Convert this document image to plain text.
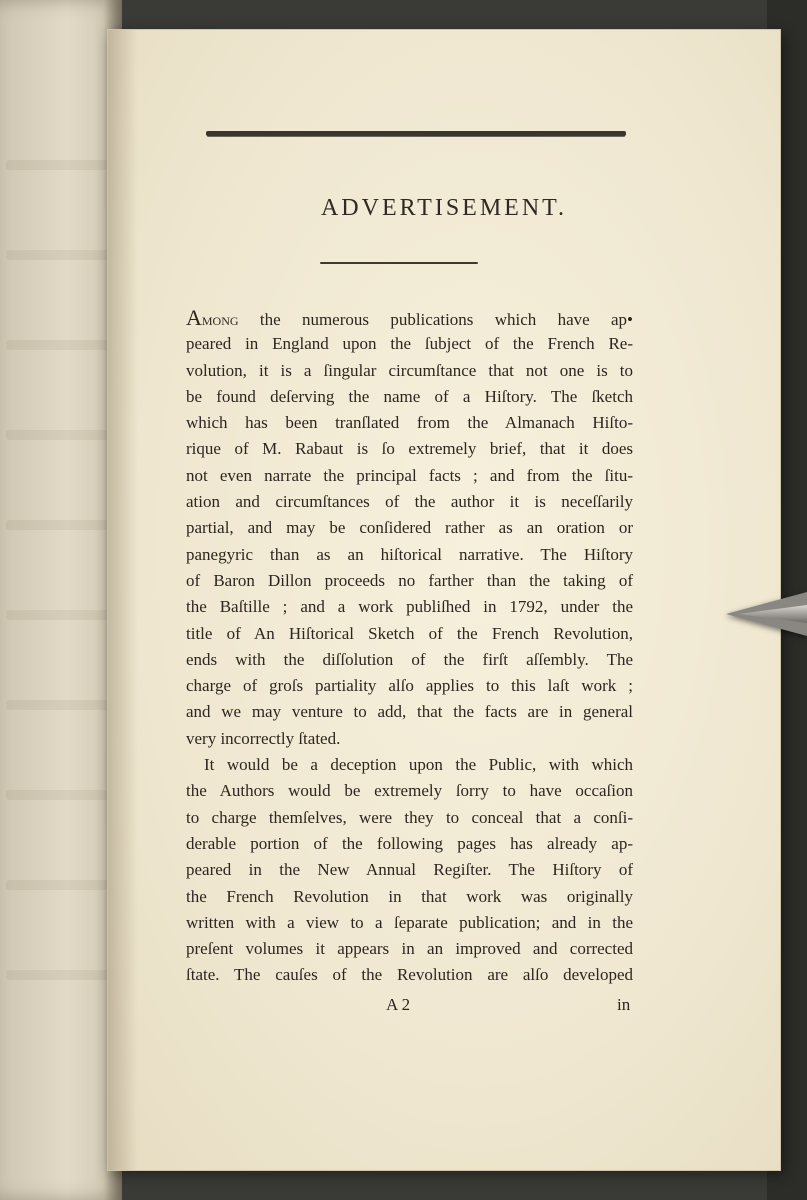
ADVERTISEMENT.
Among the numerous publications which have ap•
peared in England upon the ſubject of the French Re-
volution, it is a ſingular circumſtance that not one is to
be found deſerving the name of a Hiſtory. The ſketch
which has been tranſlated from the Almanach Hiſto-
rique of M. Rabaut is ſo extremely brief, that it does
not even narrate the principal facts ; and from the ſitu-
ation and circumſtances of the author it is neceſſarily
partial, and may be conſidered rather as an oration or
panegyric than as an hiſtorical narrative. The Hiſtory
of Baron Dillon proceeds no farther than the taking of
the Baſtille ; and a work publiſhed in 1792, under the
title of An Hiſtorical Sketch of the French Revolution,
ends with the diſſolution of the firſt aſſembly. The
charge of groſs partiality alſo applies to this laſt work ;
and we may venture to add, that the facts are in general
very incorrectly ſtated.
It would be a deception upon the Public, with which
the Authors would be extremely ſorry to have occaſion
to charge themſelves, were they to conceal that a conſi-
derable portion of the following pages has already ap-
peared in the New Annual Regiſter. The Hiſtory of
the French Revolution in that work was originally
written with a view to a ſeparate publication; and in the
preſent volumes it appears in an improved and corrected
ſtate. The cauſes of the Revolution are alſo developed
A 2	in
